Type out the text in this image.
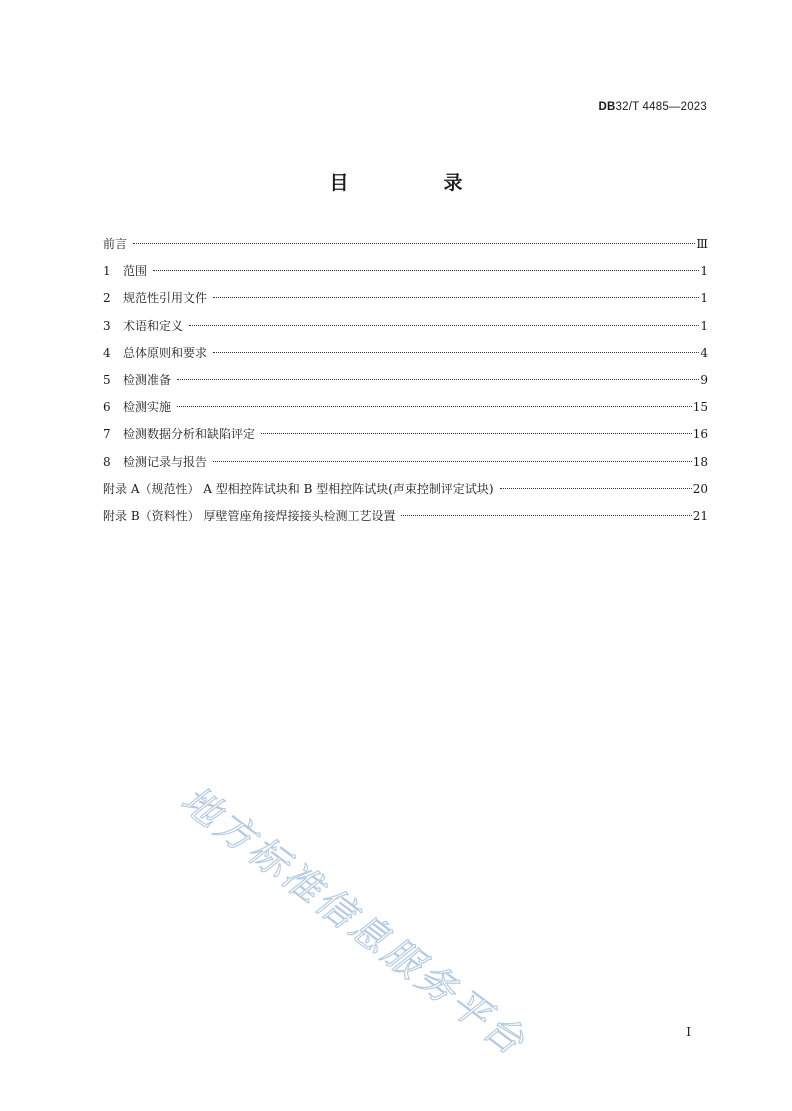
DB32/T 4485—2023
目　录
前言	Ⅲ
1	范围	1
2	规范性引用文件	1
3	术语和定义	1
4	总体原则和要求	4
5	检测准备	9
6	检测实施	15
7	检测数据分析和缺陷评定	16
8	检测记录与报告	18
附录 A（规范性） A 型相控阵试块和 B 型相控阵试块(声束控制评定试块)	20
附录 B（资料性） 厚壁管座角接焊接接头检测工艺设置	21
地方标准信息服务平台	I
